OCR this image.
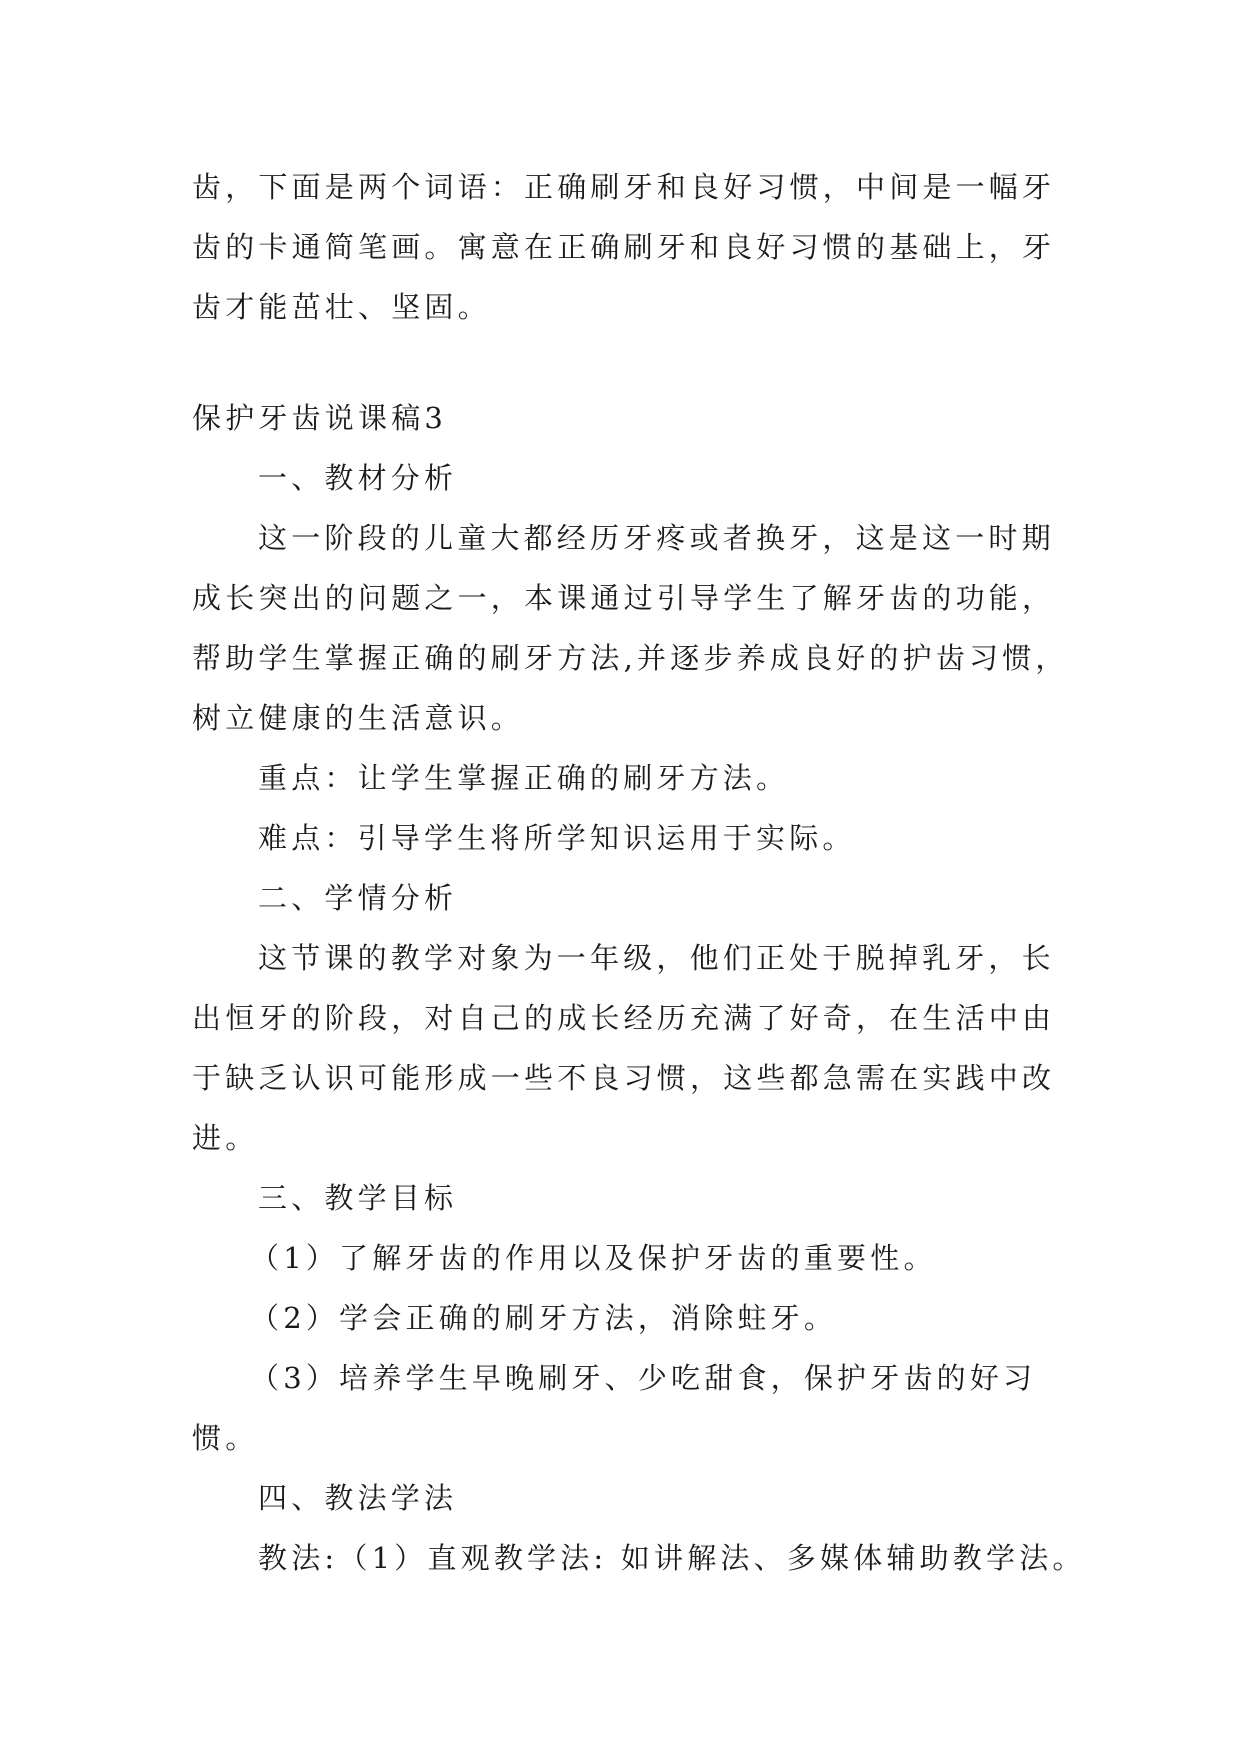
齿，下面是两个词语：正确刷牙和良好习惯，中间是一幅牙
齿的卡通简笔画。寓意在正确刷牙和良好习惯的基础上，牙
齿才能茁壮、坚固。
保护牙齿说课稿3
一、教材分析
这一阶段的儿童大都经历牙疼或者换牙，这是这一时期
成长突出的问题之一，本课通过引导学生了解牙齿的功能，
帮助学生掌握正确的刷牙方法,并逐步养成良好的护齿习惯，
树立健康的生活意识。
重点：让学生掌握正确的刷牙方法。
难点：引导学生将所学知识运用于实际。
二、学情分析
这节课的教学对象为一年级，他们正处于脱掉乳牙，长
出恒牙的阶段，对自己的成长经历充满了好奇，在生活中由
于缺乏认识可能形成一些不良习惯，这些都急需在实践中改
进。
三、教学目标
（1）了解牙齿的作用以及保护牙齿的重要性。
（2）学会正确的刷牙方法，消除蛀牙。
（3）培养学生早晚刷牙、少吃甜食，保护牙齿的好习
惯。
四、教法学法
教法:（1）直观教学法: 如讲解法、多媒体辅助教学法。
